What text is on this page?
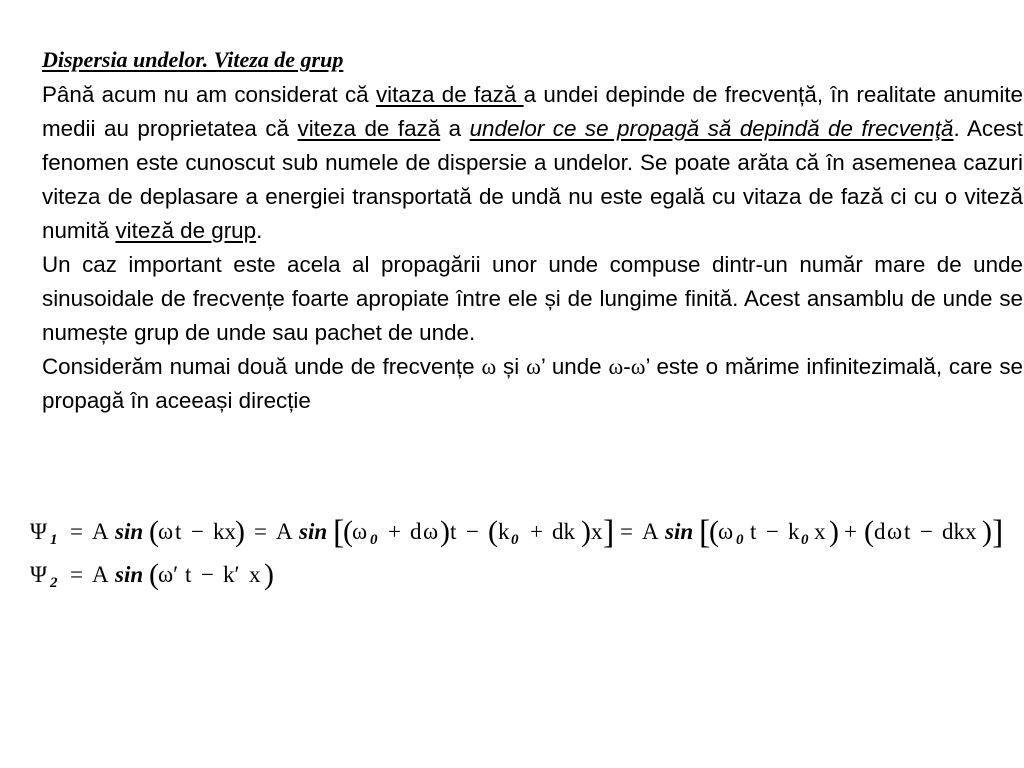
Dispersia undelor. Viteza de grup

Până acum nu am considerat că vitaza de fază a undei depinde de frecvență, în realitate anumite medii au proprietatea că viteza de fază a undelor ce se propagă să depindă de frecvenţă. Acest fenomen este cunoscut sub numele de dispersie a undelor. Se poate arăta că în asemenea cazuri viteza de deplasare a energiei transportată de undă nu este egală cu vitaza de fază ci cu o viteză numită viteză de grup.

Un caz important este acela al propagării unor unde compuse dintr-un număr mare de unde sinusoidale de frecvențe foarte apropiate între ele și de lungime finită. Acest ansamblu de unde se numește grup de unde sau pachet de unde.

Considerăm numai două unde de frecvențe ω și ω’ unde ω-ω’ este o mărime infinitezimală, care se propagă în aceeași direcție

Ψ 1 = A sin ( ω t − kx ) = A sin [
( ω 0 + d ω ) t − ( k 0 + dk ) x ] = A sin [
( ω 0 t − k 0 x ) + ( d ω t − dkx ) ]
Ψ 2 = A sin ( ω′ t − k′ x )
